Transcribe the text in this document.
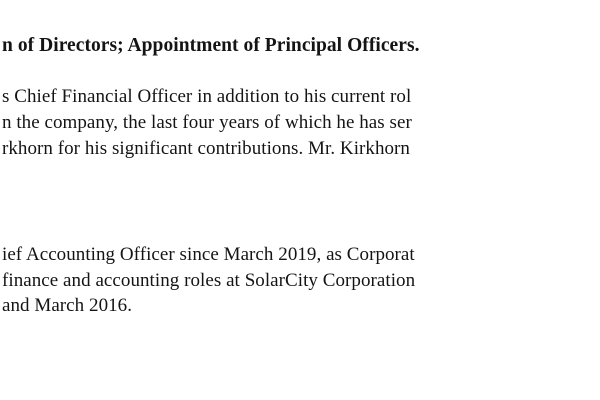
n of Directors; Appointment of Principal Officers.
s Chief Financial Officer in addition to his current rol
n the company, the last four years of which he has ser
rkhorn for his significant contributions. Mr. Kirkhorn
ief Accounting Officer since March 2019, as Corporat
finance and accounting roles at SolarCity Corporation
and March 2016.
